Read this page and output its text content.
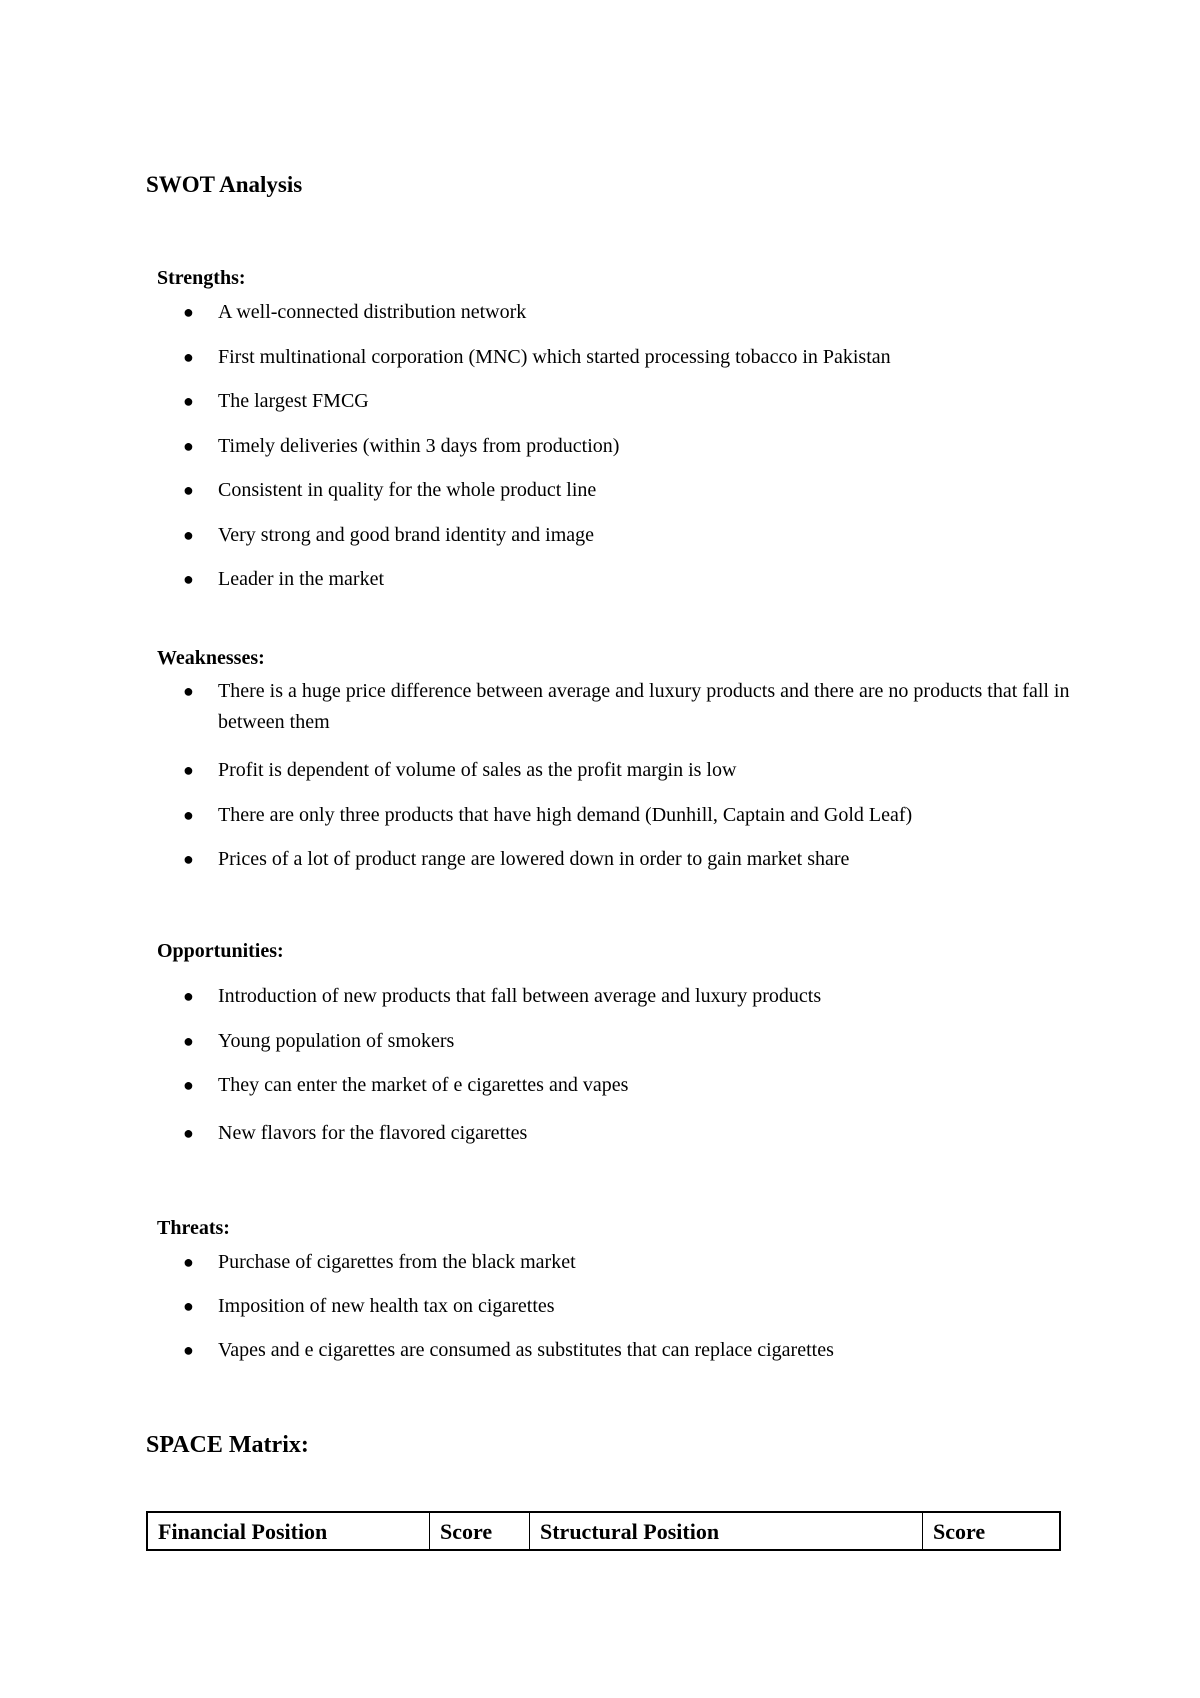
SWOT Analysis
Strengths:
● A well-connected distribution network
● First multinational corporation (MNC) which started processing tobacco in Pakistan
● The largest FMCG
● Timely deliveries (within 3 days from production)
● Consistent in quality for the whole product line
● Very strong and good brand identity and image
● Leader in the market
Weaknesses:
● There is a huge price difference between average and luxury products and there are no products that fall in between them
● Profit is dependent of volume of sales as the profit margin is low
● There are only three products that have high demand (Dunhill, Captain and Gold Leaf)
● Prices of a lot of product range are lowered down in order to gain market share
Opportunities:
● Introduction of new products that fall between average and luxury products
● Young population of smokers
● They can enter the market of e cigarettes and vapes
● New flavors for the flavored cigarettes
Threats:
● Purchase of cigarettes from the black market
● Imposition of new health tax on cigarettes
● Vapes and e cigarettes are consumed as substitutes that can replace cigarettes
SPACE Matrix:
Financial Position	Score	Structural Position	Score
